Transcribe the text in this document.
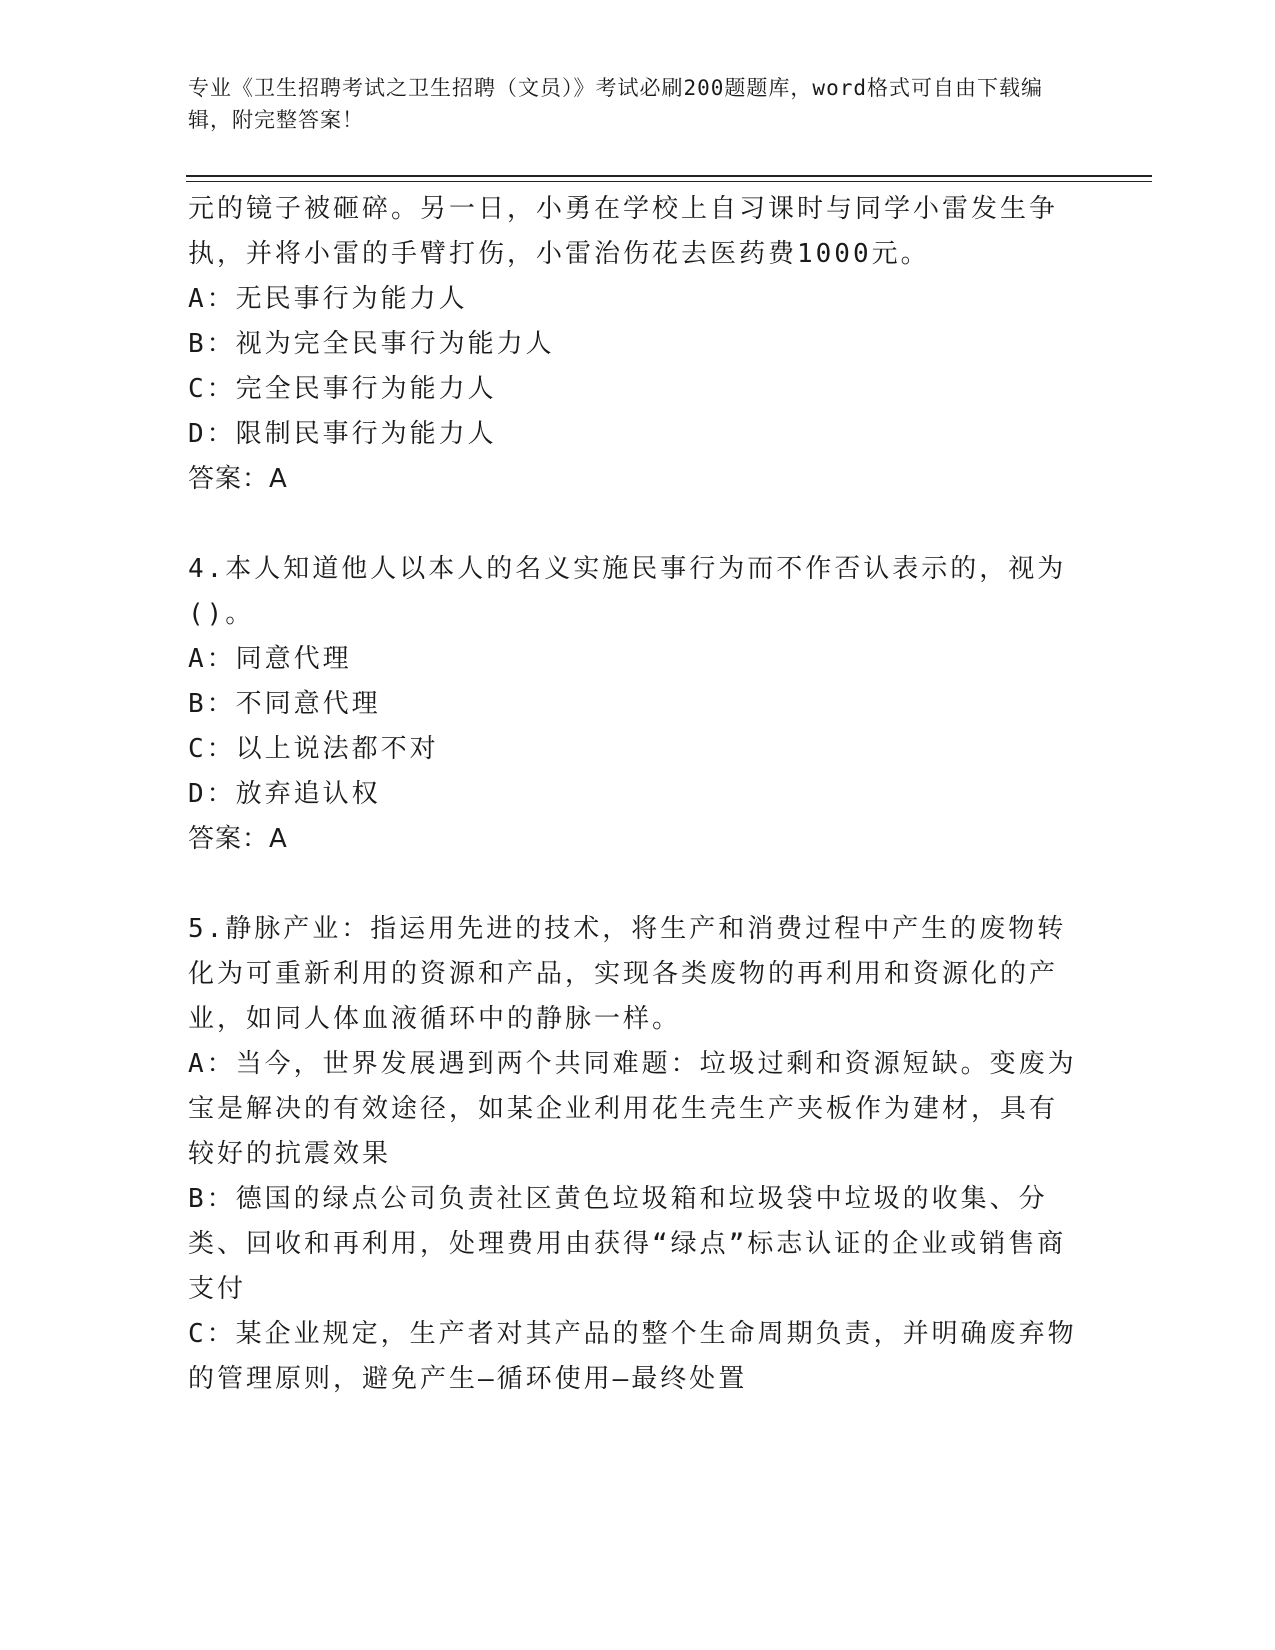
专业《卫生招聘考试之卫生招聘（文员）》考试必刷200题题库，word格式可自由下载编辑，附完整答案！

元的镜子被砸碎。另一日，小勇在学校上自习课时与同学小雷发生争执，并将小雷的手臂打伤，小雷治伤花去医药费1000元。

A：无民事行为能力人

B：视为完全民事行为能力人

C：完全民事行为能力人

D：限制民事行为能力人

答案：A

4.本人知道他人以本人的名义实施民事行为而不作否认表示的，视为()。

A：同意代理

B：不同意代理

C：以上说法都不对

D：放弃追认权

答案：A

5.静脉产业：指运用先进的技术，将生产和消费过程中产生的废物转化为可重新利用的资源和产品，实现各类废物的再利用和资源化的产业，如同人体血液循环中的静脉一样。

A：当今，世界发展遇到两个共同难题：垃圾过剩和资源短缺。变废为宝是解决的有效途径，如某企业利用花生壳生产夹板作为建材，具有较好的抗震效果

B：德国的绿点公司负责社区黄色垃圾箱和垃圾袋中垃圾的收集、分类、回收和再利用，处理费用由获得“绿点”标志认证的企业或销售商支付

C：某企业规定，生产者对其产品的整个生命周期负责，并明确废弃物的管理原则，避免产生—循环使用—最终处置
